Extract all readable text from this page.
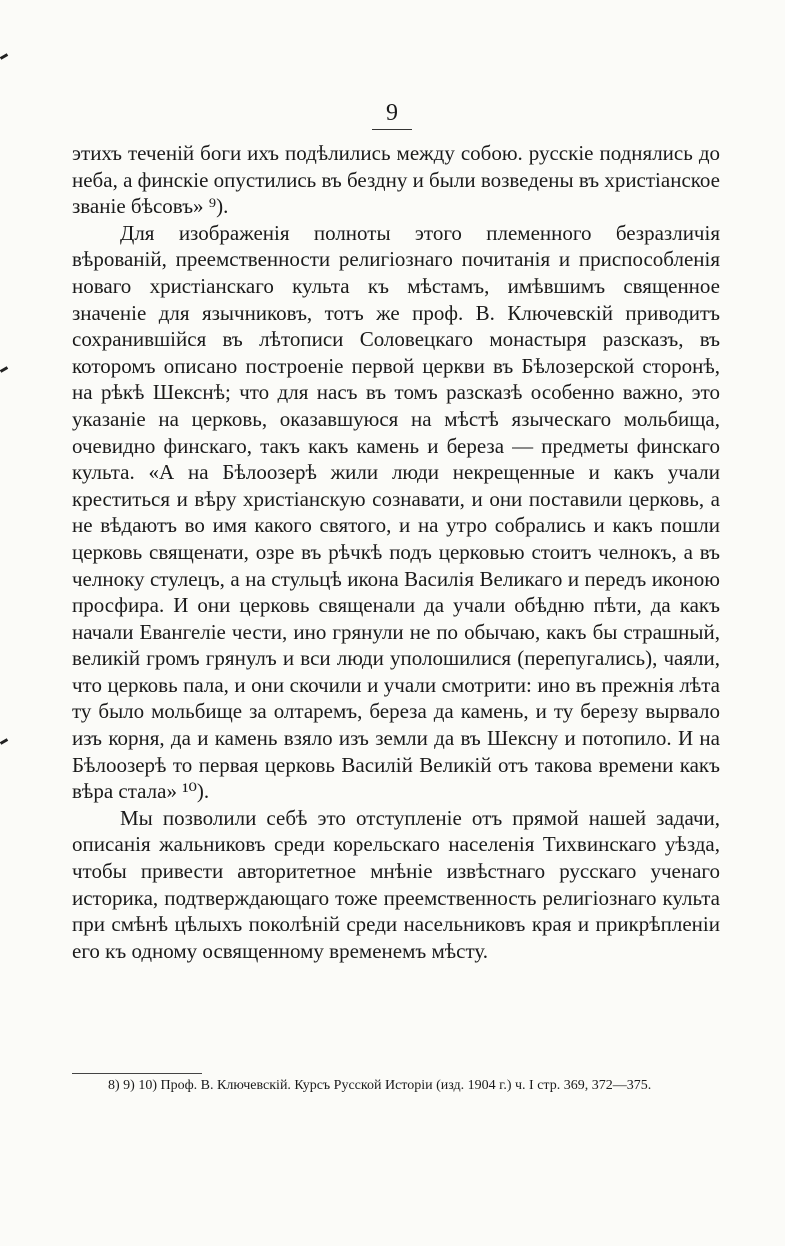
9

этихъ теченій боги ихъ подѣлились между собою. русскіе поднялись до неба, а финскіе опустились въ бездну и были возведены въ христіанское званіе бѣсовъ» ⁹).

Для изображенія полноты этого племенного безразличія вѣрованій, преемственности религіознаго почитанія и приспособленія новаго христіанскаго культа къ мѣстамъ, имѣвшимъ священное значеніе для язычниковъ, тотъ же проф. В. Ключевскій приводитъ сохранившійся въ лѣтописи Соловецкаго монастыря разсказъ, въ которомъ описано построеніе первой церкви въ Бѣлозерской сторонѣ, на рѣкѣ Шекснѣ; что для насъ въ томъ разсказѣ особенно важно, это указаніе на церковь, оказавшуюся на мѣстѣ языческаго мольбища, очевидно финскаго, такъ какъ камень и береза — предметы финскаго культа. «А на Бѣлоозерѣ жили люди некрещенные и какъ учали креститься и вѣру христіанскую сознавати, и они поставили церковь, а не вѣдаютъ во имя какого святого, и на утро собрались и какъ пошли церковь священати, озре въ рѣчкѣ подъ церковью стоитъ челнокъ, а въ челноку стулецъ, а на стульцѣ икона Василія Великаго и передъ иконою просфира. И они церковь священали да учали обѣдню пѣти, да какъ начали Евангеліе чести, ино грянули не по обычаю, какъ бы страшный, великій громъ грянулъ и вси люди уполошилися (перепугались), чаяли, что церковь пала, и они скочили и учали смотрити: ино въ прежнія лѣта ту было мольбище за олтаремъ, береза да камень, и ту березу вырвало изъ корня, да и камень взяло изъ земли да въ Шексну и потопило. И на Бѣлоозерѣ то первая церковь Василій Великій отъ такова времени какъ вѣра стала» ¹⁰).

Мы позволили себѣ это отступленіе отъ прямой нашей задачи, описанія жальниковъ среди корельскаго населенія Тихвинскаго уѣзда, чтобы привести авторитетное мнѣніе извѣстнаго русскаго ученаго историка, подтверждающаго тоже преемственность религіознаго культа при смѣнѣ цѣлыхъ поколѣній среди насельниковъ края и прикрѣпленіи его къ одному освященному временемъ мѣсту.

8) 9) 10) Проф. В. Ключевскій. Курсъ Русской Исторіи (изд. 1904 г.) ч. I стр. 369, 372—375.
